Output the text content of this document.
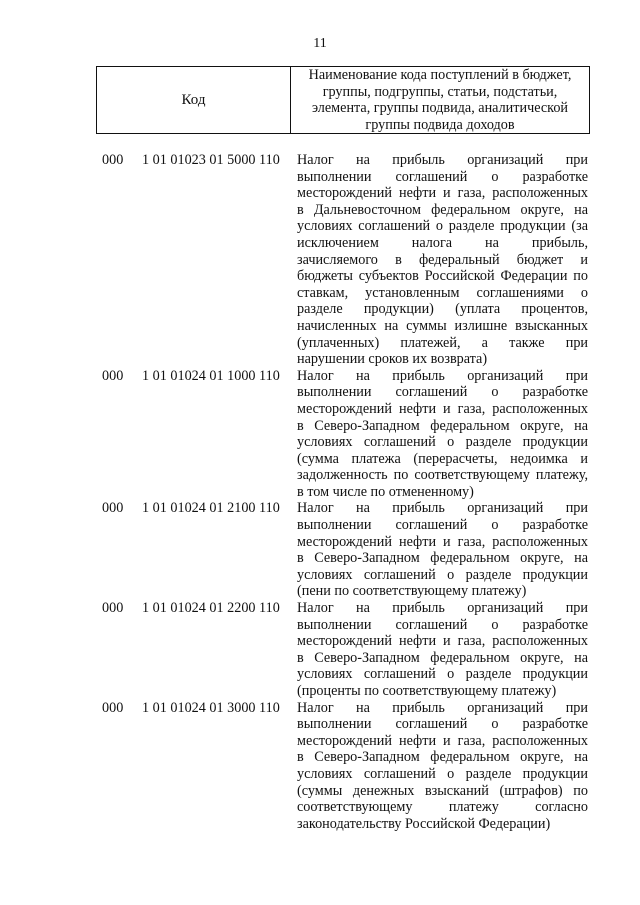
11
Код
Наименование кода поступлений в бюджет, группы, подгруппы, статьи, подстатьи, элемента, группы подвида, аналитической группы подвида доходов
000 1 01 01023 01 5000 110 Налог на прибыль организаций при
выполнении соглашений о разработке
месторождений нефти и газа, расположенных
в Дальневосточном федеральном округе, на
условиях соглашений о разделе продукции (за
исключением налога на прибыль,
зачисляемого в федеральный бюджет и
бюджеты субъектов Российской Федерации по
ставкам, установленным соглашениями о
разделе продукции) (уплата процентов,
начисленных на суммы излишне взысканных
(уплаченных) платежей, а также при
нарушении сроков их возврата)
000 1 01 01024 01 1000 110 Налог на прибыль организаций при
выполнении соглашений о разработке
месторождений нефти и газа, расположенных
в Северо-Западном федеральном округе, на
условиях соглашений о разделе продукции
(сумма платежа (перерасчеты, недоимка и
задолженность по соответствующему платежу,
в том числе по отмененному)
000 1 01 01024 01 2100 110 Налог на прибыль организаций при
выполнении соглашений о разработке
месторождений нефти и газа, расположенных
в Северо-Западном федеральном округе, на
условиях соглашений о разделе продукции
(пени по соответствующему платежу)
000 1 01 01024 01 2200 110 Налог на прибыль организаций при
выполнении соглашений о разработке
месторождений нефти и газа, расположенных
в Северо-Западном федеральном округе, на
условиях соглашений о разделе продукции
(проценты по соответствующему платежу)
000 1 01 01024 01 3000 110 Налог на прибыль организаций при
выполнении соглашений о разработке
месторождений нефти и газа, расположенных
в Северо-Западном федеральном округе, на
условиях соглашений о разделе продукции
(суммы денежных взысканий (штрафов) по
соответствующему платежу согласно
законодательству Российской Федерации)
